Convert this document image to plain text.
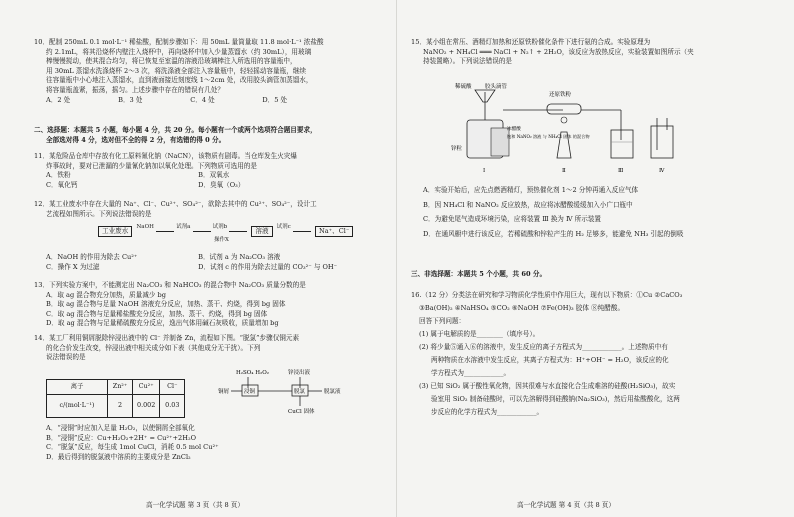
10．配制 250mL 0.1 mol·L⁻¹ 稀盐酸，配制步骤如下：用 50mL 量筒量取 11.8 mol·L⁻¹ 浓盐酸
约 2.1mL，将其沿烧杯内壁注入烧杯中，再向烧杯中加入少量蒸馏水（约 30mL），用玻璃
棒慢慢搅动，使其混合均匀，将已恢复至室温的溶液沿玻璃棒注入所选用的容量瓶中，
用 30mL 蒸馏水洗涤烧杯 2～3 次，将洗涤液全部注入容量瓶中，轻轻摇动容量瓶，继续
往容量瓶中小心地注入蒸馏水，直到液面接近刻度线 1～2cm 处，改用胶头滴管加蒸馏水，
将容量瓶盖紧，振荡，摇匀。上述步骤中存在的错误有几处？
A．2 处	B．3 处	C．4 处	D．5 处
二、选择题：本题共 5 小题，每小题 4 分，共 20 分。每小题有一个或两个选项符合题目要求，
全部选对得 4 分，选对但不全的得 2 分，有选错的得 0 分。
11．某危险品仓库中存放有化工原料氰化钠（NaCN），该物质有剧毒。当仓库发生火灾爆
炸事故时，要对已泄漏的少量氰化钠加以氧化处理。下列物质可选用的是
A．铁粉	B．双氧水
C．氧化钙	D．臭氧（O₃）
12．某工业废水中存在大量的 Na⁺、Cl⁻、Cu²⁺、SO₄²⁻，欲除去其中的 Cu²⁺、SO₄²⁻，设计工
艺流程如图所示。下列说法错误的是
工业废水 $^{NaOH}$	$^{试剂a}$	$^{试剂b}$	溶液 $^{试剂c}$	Na⁺、Cl⁻
操作X
A．NaOH 的作用为除去 Cu²⁺	B．试剂 a 为 Na₂CO₃ 溶液
C．操作 X 为过滤	D．试剂 c 的作用为除去过量的 CO₃²⁻ 与 OH⁻
13．下列实验方案中，不能测定出 Na₂CO₃ 和 NaHCO₃ 的混合物中 Na₂CO₃ 质量分数的是
A．取 ag 混合物充分加热，质量减少 bg
B．取 ag 混合物与足量 NaOH 溶液充分反应，加热、蒸干、灼烧，得到 bg 固体
C．取 ag 混合物与足量稀盐酸充分反应，加热、蒸干、灼烧，得到 bg 固体
D．取 ag 混合物与足量稀硫酸充分反应，逸出气体用碱石灰吸收，质量增加 bg
14．某工厂利用铜屑脱除锌浸出液中的 Cl⁻ 并制备 Zn，流程如下图。“脱氯”步骤仅铜元素
的化合价发生改变，锌浸出液中相关成分如下表（其他成分无干扰）。下列
说法错误的是
离子	Zn²⁺	Cu²⁺	Cl⁻
c/(mol·L⁻¹)	2	0.002	0.03
H₂SO₄ H₂O₂	锌浸出液
铜屑	浸铜	脱氯	脱氯液
CuCl 固体
A．“浸铜”时应加入足量 H₂O₂，以使铜屑全部氧化
B．“浸铜”反应：Cu+H₂O₂+2H⁺ = Cu²⁺+2H₂O
C．“脱氯”反应，每生成 1mol CuCl，消耗 0.5 mol Cu²⁺
D．最后得到的脱氯液中溶质的主要成分是 ZnCl₂
高一化学试题 第 3 页（共 8 页）
15．某小组在常压、酒精灯加热和还原铁粉催化条件下进行氨的合成。实验原理为
NaNO₂ + NH₄Cl ═══ NaCl + N₂↑ + 2H₂O，该反应为放热反应，实验装置如图所示（夹
持装置略）。下列说法错误的是
稀硫酸 胶头滴管
还原铁粉
冰醋酸
饱和 NaNO₂ 溶液 与 NH₄Cl 固体 的混合物
锌粒
Ⅰ	Ⅱ	Ⅲ	Ⅳ
A．实验开始后，应先点燃酒精灯，预热催化剂 1～2 分钟再通入反应气体
B．因 NH₄Cl 和 NaNO₂ 反应放热，故应将冰醋酸缓缓加入小广口瓶中
C．为避免尾气造成环境污染，应将装置 Ⅲ 换为 Ⅳ 所示装置
D．在通风橱中进行该反应，若稀硫酸和锌粒产生的 H₂ 足够多，能避免 NH₃ 引起的倒吸
三、非选择题：本题共 5 个小题，共 60 分。
16.（12 分）分类法在研究和学习物质化学性质中作用巨大，现有以下物质：①Cu ②CaCO₃
③Ba(OH)₂ ④NaHSO₄ ⑤CO₂ ⑥NaOH ⑦Fe(OH)₃ 胶体 ⑧纯醋酸。
回答下列问题：
(1) 属于电解质的是________（填序号）。
(2) 将少量⑤通入⑥的溶液中，发生反应的离子方程式为____________。上述物质中有
两种物质在水溶液中发生反应，其离子方程式为：H⁺+OH⁻ = H₂O，该反应的化
学方程式为____________。
(3) 已知 SiO₂ 属于酸性氧化物，因其很难与水直接化合生成难溶的硅酸(H₂SiO₃)，故实
验室用 SiO₂ 制备硅酸时，可以先溶解得到硅酸钠(Na₂SiO₃)，然后用盐酸酸化，这两
步反应的化学方程式为____________。
高一化学试题 第 4 页（共 8 页）
